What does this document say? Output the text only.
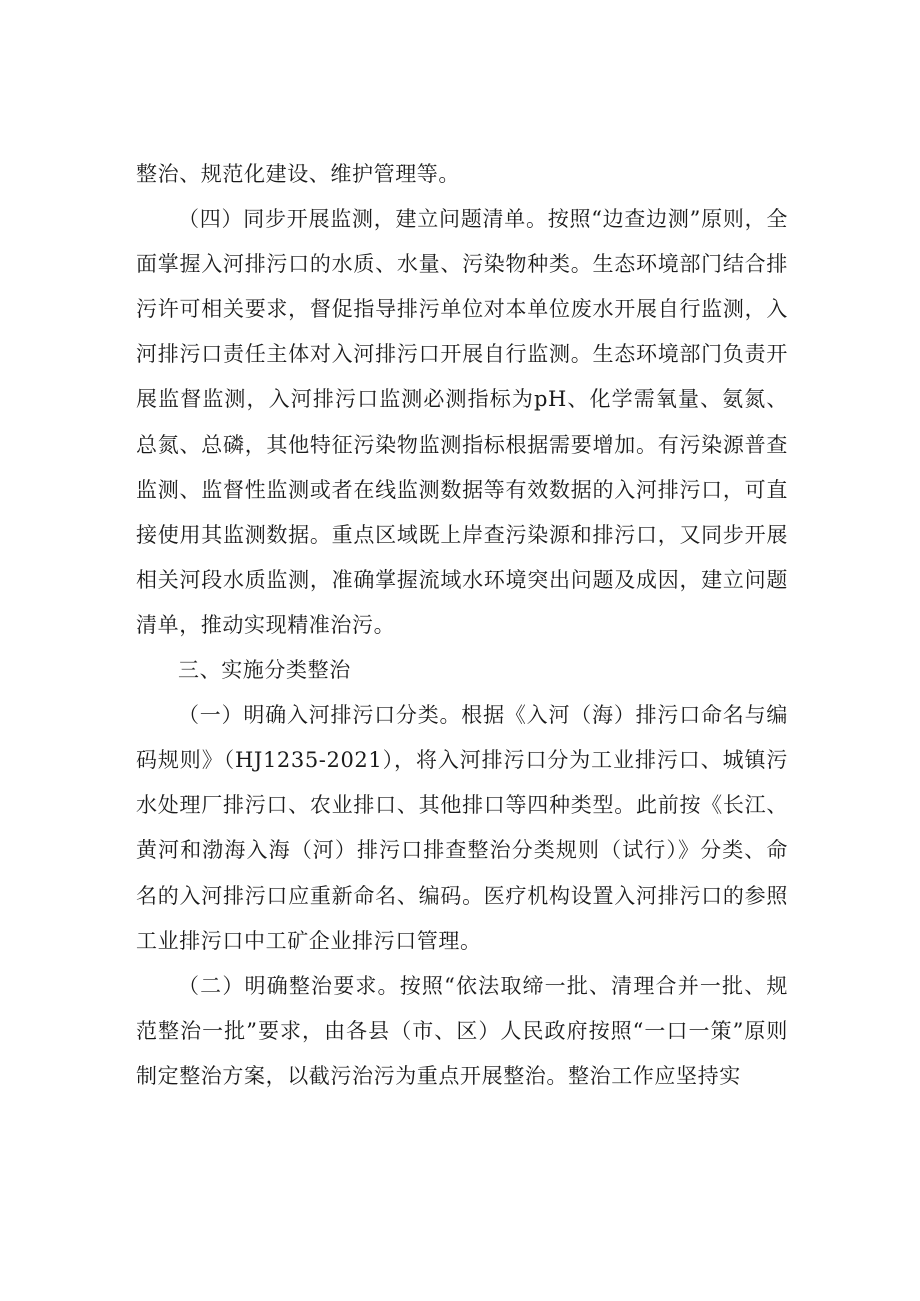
整治、规范化建设、维护管理等。

（四）同步开展监测，建立问题清单。按照“边查边测”原则，全面掌握入河排污口的水质、水量、污染物种类。生态环境部门结合排污许可相关要求，督促指导排污单位对本单位废水开展自行监测，入河排污口责任主体对入河排污口开展自行监测。生态环境部门负责开展监督监测，入河排污口监测必测指标为pH、化学需氧量、氨氮、总氮、总磷，其他特征污染物监测指标根据需要增加。有污染源普查监测、监督性监测或者在线监测数据等有效数据的入河排污口，可直接使用其监测数据。重点区域既上岸查污染源和排污口，又同步开展相关河段水质监测，准确掌握流域水环境突出问题及成因，建立问题清单，推动实现精准治污。

三、实施分类整治

（一）明确入河排污口分类。根据《入河（海）排污口命名与编码规则》（HJ1235-2021），将入河排污口分为工业排污口、城镇污水处理厂排污口、农业排口、其他排口等四种类型。此前按《长江、黄河和渤海入海（河）排污口排查整治分类规则（试行）》分类、命名的入河排污口应重新命名、编码。医疗机构设置入河排污口的参照工业排污口中工矿企业排污口管理。

（二）明确整治要求。按照“依法取缔一批、清理合并一批、规范整治一批”要求，由各县（市、区）人民政府按照“一口一策”原则制定整治方案，以截污治污为重点开展整治。整治工作应坚持实
